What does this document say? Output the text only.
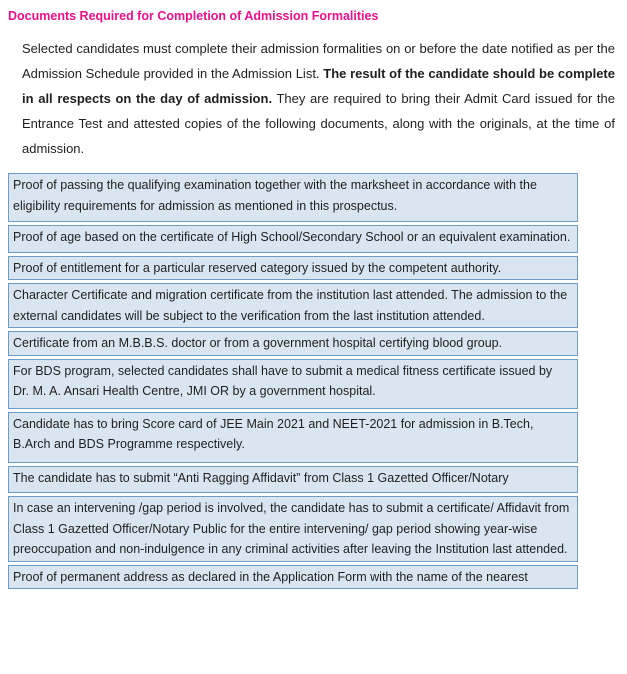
Documents Required for Completion of Admission Formalities

Selected candidates must complete their admission formalities on or before the date notified as per the Admission Schedule provided in the Admission List. The result of the candidate should be complete in all respects on the day of admission. They are required to bring their Admit Card issued for the Entrance Test and attested copies of the following documents, along with the originals, at the time of admission.

Proof of passing the qualifying examination together with the marksheet in accordance with the eligibility requirements for admission as mentioned in this prospectus.
Proof of age based on the certificate of High School/Secondary School or an equivalent examination.
Proof of entitlement for a particular reserved category issued by the competent authority.
Character Certificate and migration certificate from the institution last attended. The admission to the external candidates will be subject to the verification from the last institution attended.
Certificate from an M.B.B.S. doctor or from a government hospital certifying blood group.
For BDS program, selected candidates shall have to submit a medical fitness certificate issued by Dr. M. A. Ansari Health Centre, JMI OR by a government hospital.
Candidate has to bring Score card of JEE Main 2021 and NEET-2021 for admission in B.Tech, B.Arch and BDS Programme respectively.
The candidate has to submit “Anti Ragging Affidavit” from Class 1 Gazetted Officer/Notary
In case an intervening /gap period is involved, the candidate has to submit a certificate/ Affidavit from Class 1 Gazetted Officer/Notary Public for the entire intervening/ gap period showing year-wise preoccupation and non-indulgence in any criminal activities after leaving the Institution last attended.
Proof of permanent address as declared in the Application Form with the name of the nearest
